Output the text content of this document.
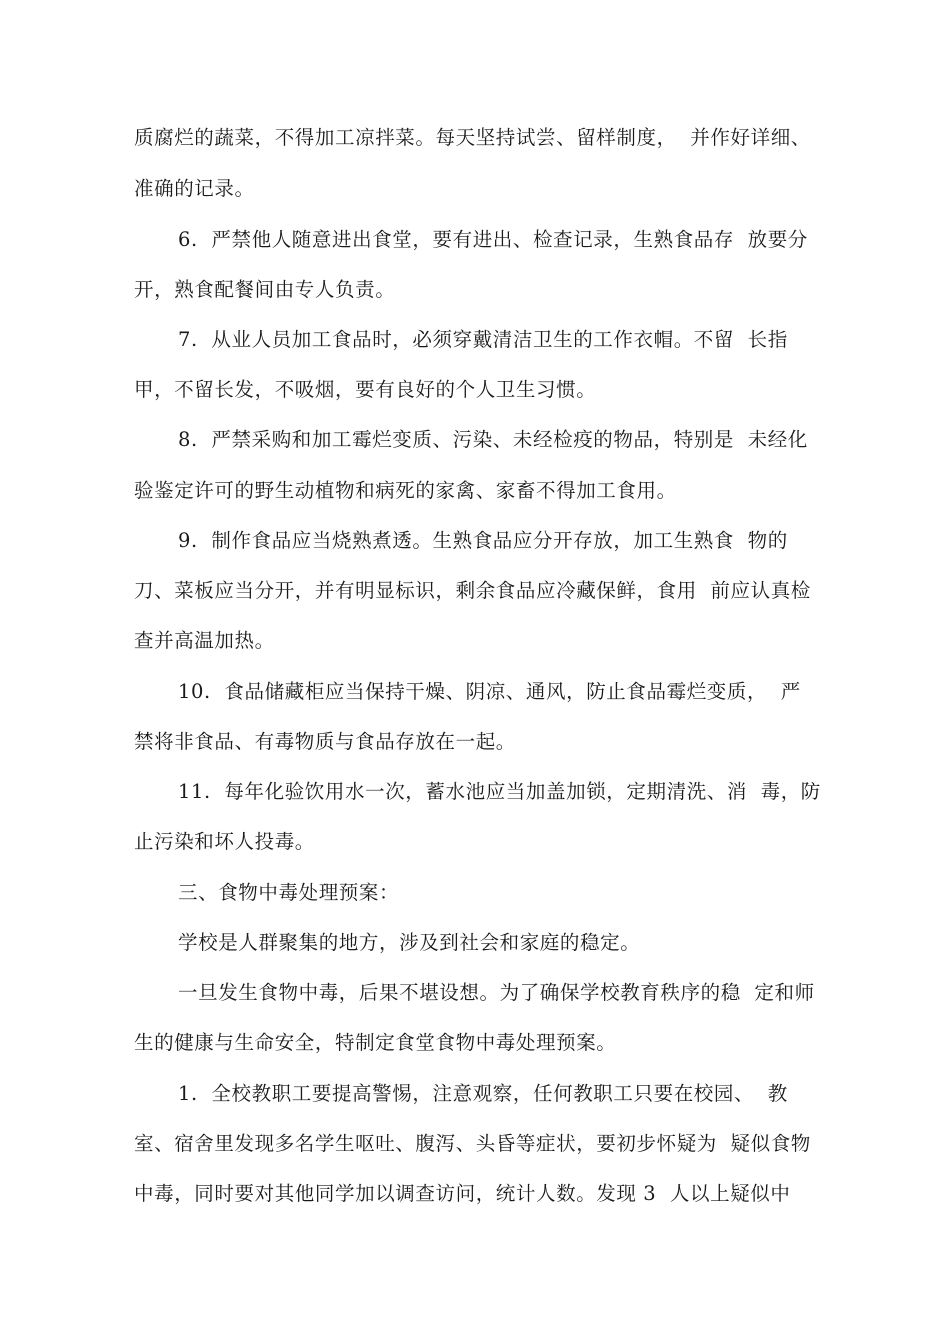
质腐烂的蔬菜，不得加工凉拌菜。每天坚持试尝、留样制度，  并作好详细、
准确的记录。
6.  严禁他人随意进出食堂，要有进出、检查记录，生熟食品存  放要分
开，熟食配餐间由专人负责。
7.  从业人员加工食品时，必须穿戴清洁卫生的工作衣帽。不留  长指
甲，不留长发，不吸烟，要有良好的个人卫生习惯。
8.  严禁采购和加工霉烂变质、污染、未经检疫的物品，特别是  未经化
验鉴定许可的野生动植物和病死的家禽、家畜不得加工食用。
9.  制作食品应当烧熟煮透。生熟食品应分开存放，加工生熟食  物的
刀、菜板应当分开，并有明显标识，剩余食品应冷藏保鲜，食用  前应认真检
查并高温加热。
10.  食品储藏柜应当保持干燥、阴凉、通风，防止食品霉烂变质，  严
禁将非食品、有毒物质与食品存放在一起。
11.  每年化验饮用水一次，蓄水池应当加盖加锁，定期清洗、消  毒，防
止污染和坏人投毒。
三、食物中毒处理预案：
学校是人群聚集的地方，涉及到社会和家庭的稳定。
一旦发生食物中毒，后果不堪设想。为了确保学校教育秩序的稳  定和师
生的健康与生命安全，特制定食堂食物中毒处理预案。
1.  全校教职工要提高警惕，注意观察，任何教职工只要在校园、  教
室、宿舍里发现多名学生呕吐、腹泻、头昏等症状，要初步怀疑为  疑似食物
中毒，同时要对其他同学加以调查访问，统计人数。发现 3  人以上疑似中
